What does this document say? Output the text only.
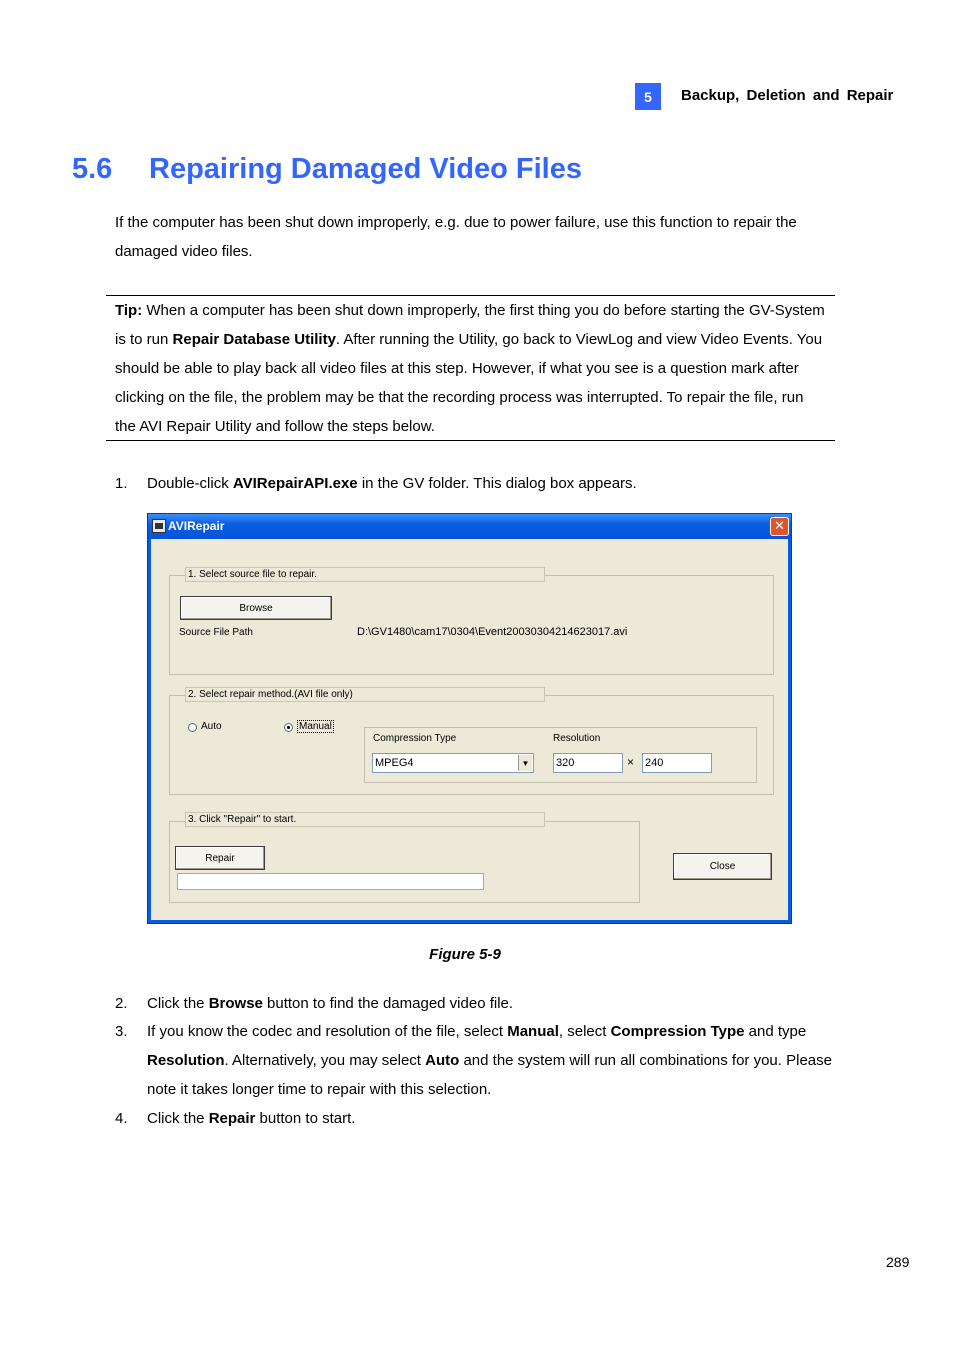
5	Backup, Deletion and Repair
5.6 Repairing Damaged Video Files
If the computer has been shut down improperly, e.g. due to power failure, use this function to repair the damaged video files.
Tip: When a computer has been shut down improperly, the first thing you do before starting the GV-System is to run Repair Database Utility. After running the Utility, go back to ViewLog and view Video Events. You should be able to play back all video files at this step. However, if what you see is a question mark after clicking on the file, the problem may be that the recording process was interrupted. To repair the file, run the AVI Repair Utility and follow the steps below.
1. Double-click AVIRepairAPI.exe in the GV folder. This dialog box appears.
AVIRepair	✕
1. Select source file to repair.
Browse
Source File Path	D:\GV1480\cam17\0304\Event20030304214623017.avi
2. Select repair method.(AVI file only)
Auto	Manual
Compression Type
MPEG4	▼
Resolution
320	× 240
3. Click "Repair" to start.
Repair
Close
Figure 5-9
2. Click the Browse button to find the damaged video file.
3. If you know the codec and resolution of the file, select Manual, select Compression Type and type Resolution. Alternatively, you may select Auto and the system will run all combinations for you. Please note it takes longer time to repair with this selection.
4. Click the Repair button to start.
289
